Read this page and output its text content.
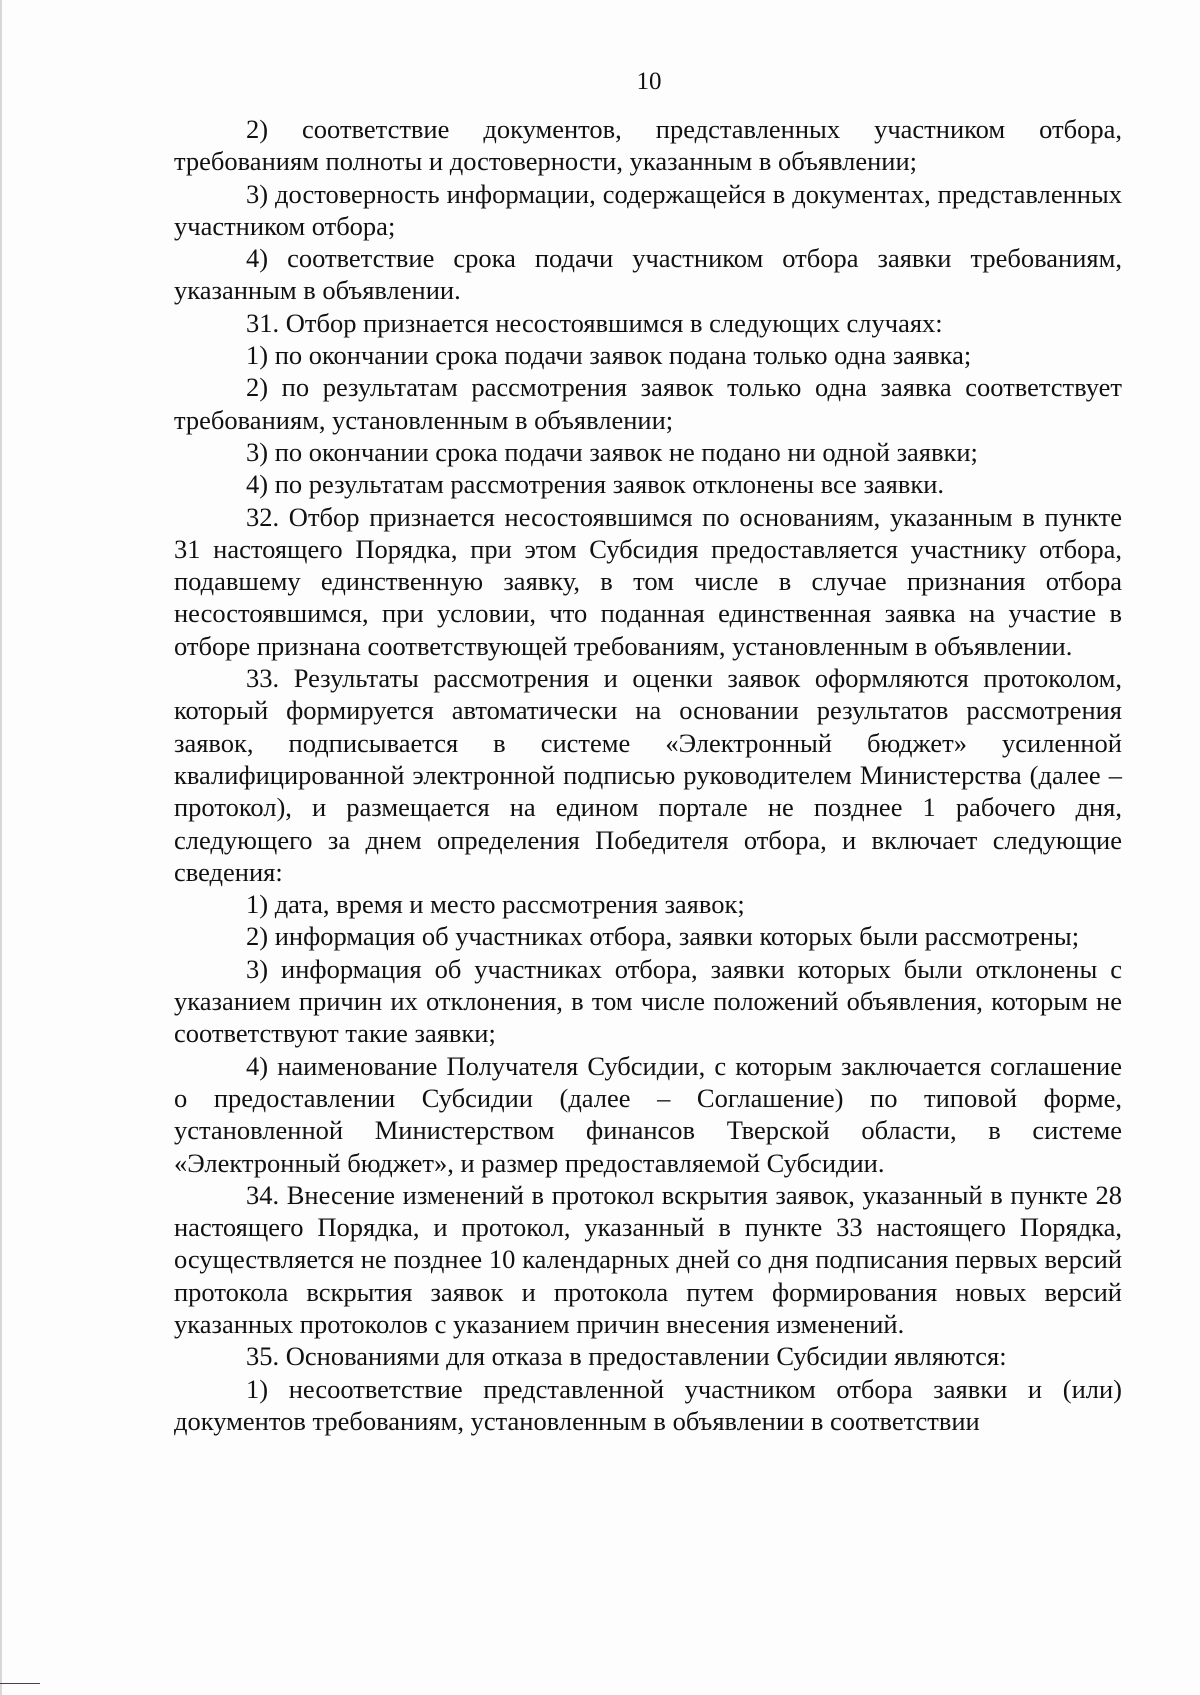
10

2) соответствие документов, представленных участником отбора, требованиям полноты и достоверности, указанным в объявлении;

3) достоверность информации, содержащейся в документах, представленных участником отбора;

4) соответствие срока подачи участником отбора заявки требованиям, указанным в объявлении.

31. Отбор признается несостоявшимся в следующих случаях:

1) по окончании срока подачи заявок подана только одна заявка;

2) по результатам рассмотрения заявок только одна заявка соответствует требованиям, установленным в объявлении;

3) по окончании срока подачи заявок не подано ни одной заявки;

4) по результатам рассмотрения заявок отклонены все заявки.

32. Отбор признается несостоявшимся по основаниям, указанным в пункте 31 настоящего Порядка, при этом Субсидия предоставляется участнику отбора, подавшему единственную заявку, в том числе в случае признания отбора несостоявшимся, при условии, что поданная единственная заявка на участие в отборе признана соответствующей требованиям, установленным в объявлении.

33. Результаты рассмотрения и оценки заявок оформляются протоколом, который формируется автоматически на основании результатов рассмотрения заявок, подписывается в системе «Электронный бюджет» усиленной квалифицированной электронной подписью руководителем Министерства (далее – протокол), и размещается на едином портале не позднее 1 рабочего дня, следующего за днем определения Победителя отбора, и включает следующие сведения:

1) дата, время и место рассмотрения заявок;

2) информация об участниках отбора, заявки которых были рассмотрены;

3) информация об участниках отбора, заявки которых были отклонены с указанием причин их отклонения, в том числе положений объявления, которым не соответствуют такие заявки;

4) наименование Получателя Субсидии, с которым заключается соглашение о предоставлении Субсидии (далее – Соглашение) по типовой форме, установленной Министерством финансов Тверской области, в системе «Электронный бюджет», и размер предоставляемой Субсидии.

34. Внесение изменений в протокол вскрытия заявок, указанный в пункте 28 настоящего Порядка, и протокол, указанный в пункте 33 настоящего Порядка, осуществляется не позднее 10 календарных дней со дня подписания первых версий протокола вскрытия заявок и протокола путем формирования новых версий указанных протоколов с указанием причин внесения изменений.

35. Основаниями для отказа в предоставлении Субсидии являются:

1) несоответствие представленной участником отбора заявки и (или) документов требованиям, установленным в объявлении в соответствии
